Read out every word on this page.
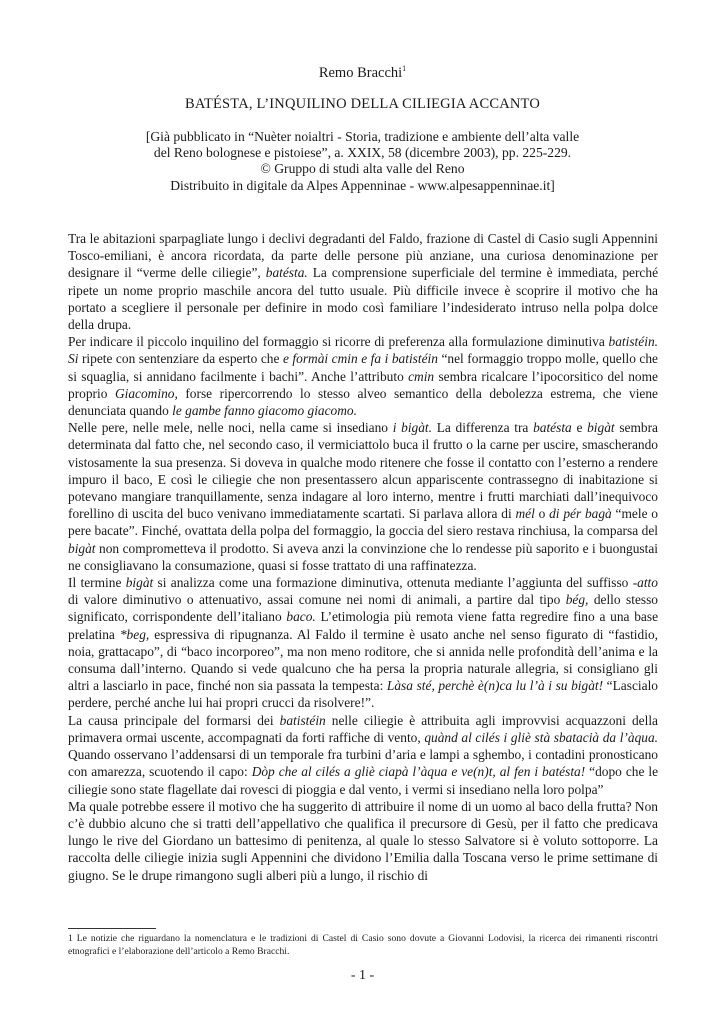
Remo Bracchi$^1$
BATÉSTA, L’INQUILINO DELLA CILIEGIA ACCANTO
[Già pubblicato in “Nuèter noialtri - Storia, tradizione e ambiente dell’alta valle
del Reno bolognese e pistoiese”, a. XXIX, 58 (dicembre 2003), pp. 225-229.
© Gruppo di studi alta valle del Reno
Distribuito in digitale da Alpes Appenninae - www.alpesappenninae.it]

Tra le abitazioni sparpagliate lungo i declivi degradanti del Faldo, frazione di Castel di Casio sugli Appennini Tosco-emiliani, è ancora ricordata, da parte delle persone più anziane, una curiosa denominazione per designare il “verme delle ciliegie”, batésta. La comprensione superficiale del termine è immediata, perché ripete un nome proprio maschile ancora del tutto usuale. Più difficile invece è scoprire il motivo che ha portato a scegliere il personale per definire in modo così familiare l’indesiderato intruso nella polpa dolce della drupa.

Per indicare il piccolo inquilino del formaggio si ricorre di preferenza alla formulazione diminutiva batistéin. Si ripete con sentenziare da esperto che e formài cmin e fa i batistéin “nel formaggio troppo molle, quello che si squaglia, si annidano facilmente i bachi”. Anche l’attributo cmin sembra ricalcare l’ipocorsitico del nome proprio Giacomino, forse ripercorrendo lo stesso alveo semantico della debolezza estrema, che viene denunciata quando le gambe fanno giacomo giacomo.

Nelle pere, nelle mele, nelle noci, nella came si insediano i bigàt. La differenza tra batésta e bigàt sembra determinata dal fatto che, nel secondo caso, il vermiciattolo buca il frutto o la carne per uscire, smascherando vistosamente la sua presenza. Si doveva in qualche modo ritenere che fosse il contatto con l’esterno a rendere impuro il baco, E così le ciliegie che non presentassero alcun appariscente contrassegno di inabitazione si potevano mangiare tranquillamente, senza indagare al loro interno, mentre i frutti marchiati dall’inequivoco forellino di uscita del buco venivano immediatamente scartati. Si parlava allora di mél o di pér bagà “mele o pere bacate”. Finché, ovattata della polpa del formaggio, la goccia del siero restava rinchiusa, la comparsa del bigàt non comprometteva il prodotto. Si aveva anzi la convinzione che lo rendesse più saporito e i buongustai ne consigliavano la consumazione, quasi si fosse trattato di una raffinatezza.

Il termine bigàt si analizza come una formazione diminutiva, ottenuta mediante l’aggiunta del suffisso -atto di valore diminutivo o attenuativo, assai comune nei nomi di animali, a partire dal tipo bég, dello stesso significato, corrispondente dell’italiano baco. L’etimologia più remota viene fatta regredire fino a una base prelatina *beg, espressiva di ripugnanza. Al Faldo il termine è usato anche nel senso figurato di “fastidio, noia, grattacapo”, di “baco incorporeo”, ma non meno roditore, che si annida nelle profondità dell’anima e la consuma dall’interno. Quando si vede qualcuno che ha persa la propria naturale allegria, si consigliano gli altri a lasciarlo in pace, finché non sia passata la tempesta: Làsa sté, perchè è(n)ca lu l’à i su bigàt! “Lascialo perdere, perché anche lui hai propri crucci da risolvere!”.

La causa principale del formarsi dei batistéin nelle ciliegie è attribuita agli improvvisi acquazzoni della primavera ormai uscente, accompagnati da forti raffiche di vento, quànd al cilés i gliè stà sbatacià da l’àqua. Quando osservano l’addensarsi di un temporale fra turbini d’aria e lampi a sghembo, i contadini pronosticano con amarezza, scuotendo il capo: Dòp che al cilés a gliè ciapà l’àqua e ve(n)t, al fen i batésta! “dopo che le ciliegie sono state flagellate dai rovesci di pioggia e dal vento, i vermi si insediano nella loro polpa”

Ma quale potrebbe essere il motivo che ha suggerito di attribuire il nome di un uomo al baco della frutta? Non c’è dubbio alcuno che si tratti dell’appellativo che qualifica il precursore di Gesù, per il fatto che predicava lungo le rive del Giordano un battesimo di penitenza, al quale lo stesso Salvatore si è voluto sottoporre. La raccolta delle ciliegie inizia sugli Appennini che dividono l’Emilia dalla Toscana verso le prime settimane di giugno. Se le drupe rimangono sugli alberi più a lungo, il rischio di

1 Le notizie che riguardano la nomenclatura e le tradizioni di Castel di Casio sono dovute a Giovanni Lodovisi, la ricerca dei rimanenti riscontri etnografici e l’elaborazione dell’articolo a Remo Bracchi.
- 1 -
